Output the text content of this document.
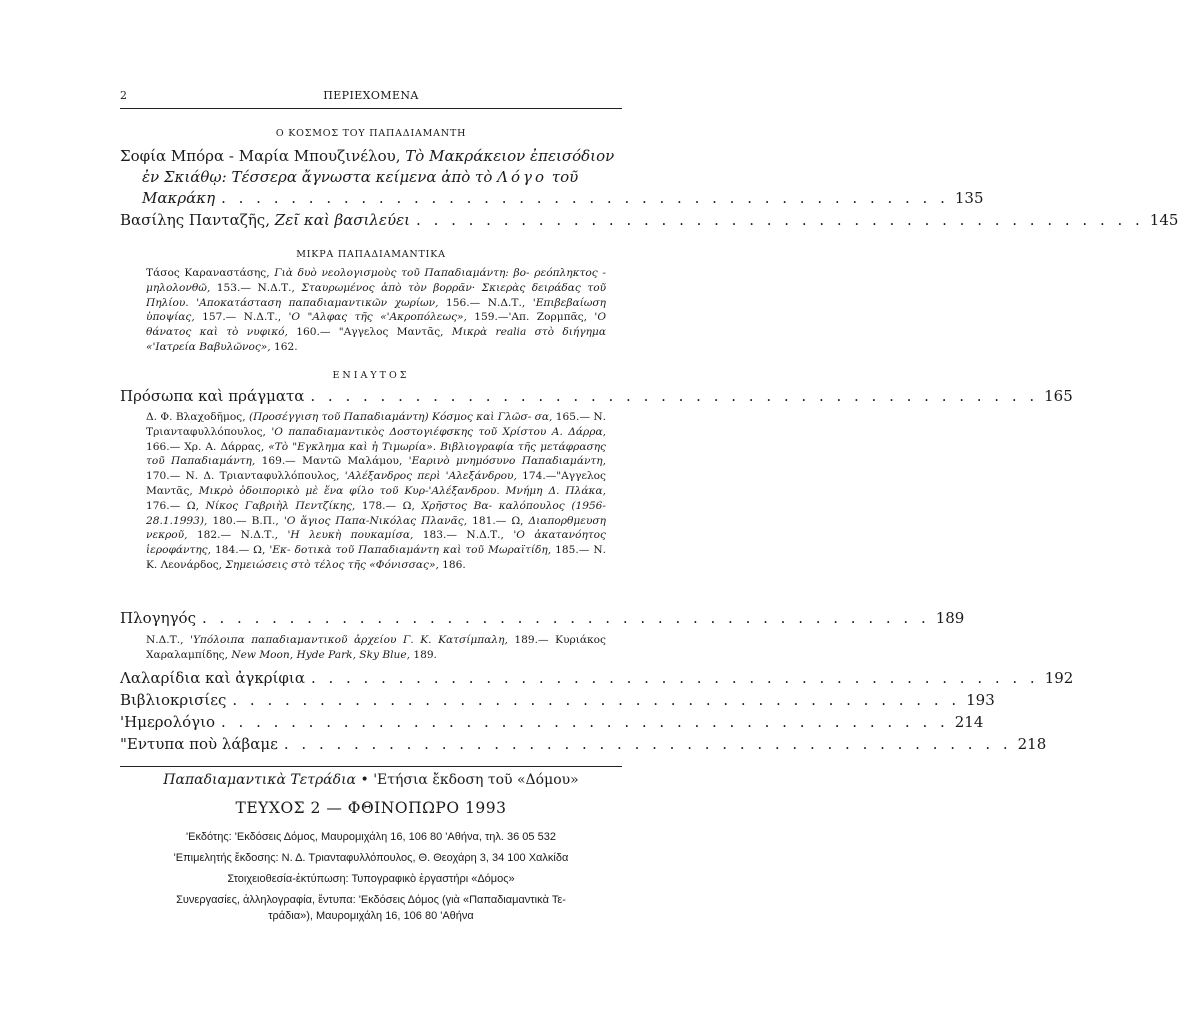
2	ΠΕΡΙΕΧΟΜΕΝΑ
Ο ΚΟΣΜΟΣ ΤΟΥ ΠΑΠΑΔΙΑΜΑΝΤΗ
Σοφία Μπόρα - Μαρία Μπουζινέλου, Τὸ Μακράκειον ἐπεισόδιον
ἐν Σκιάθῳ: Τέσσερα ἄγνωστα κείμενα ἀπὸ τὸ Λόγο τοῦ
Μακράκη . . . . . . . . . . . . . . . . . . . . . . . . . . . . . . . . . . . . . . . . . . 135
Βασίλης Πανταζῆς, Ζεῖ καὶ βασιλεύει . . . . . . . . . . . . . . . . . . . . . . . . . . . . . . . . . . . . . . . . . . 145
ΜΙΚΡΑ ΠΑΠΑΔΙΑΜΑΝΤΙΚΑ
Τάσος Καραναστάσης, Γιὰ δυὸ νεολογισμοὺς τοῦ Παπαδιαμάντη: βο- ρεόπληκτος - μηλολονθῶ, 153.— Ν.Δ.Τ., Σταυρωμένος ἀπὸ τὸν βορρᾶν· Σκιερὰς δειράδας τοῦ Πηλίου. 'Αποκατάσταση παπαδιαμαντικῶν χωρίων, 156.— Ν.Δ.Τ., 'Επιβεβαίωση ὑποψίας, 157.— Ν.Δ.Τ., 'Ο "Αλφας τῆς «'Ακροπόλεως», 159.—'Απ. Ζορμπᾶς, 'Ο θάνατος καὶ τὸ νυφικό, 160.— "Αγγελος Μαντᾶς, Μικρὰ realia στὸ διήγημα «'Ιατρεία Βαβυλῶνος», 162.
ΕΝΙΑΥΤΟΣ
Πρόσωπα καὶ πράγματα . . . . . . . . . . . . . . . . . . . . . . . . . . . . . . . . . . . . . . . . . . 165
Δ. Φ. Βλαχοδῆμος, (Προσέγγιση τοῦ Παπαδιαμάντη) Κόσμος καὶ Γλῶσ- σα, 165.— Ν. Τριανταφυλλόπουλος, 'Ο παπαδιαμαντικὸς Δοστογιέφσκης τοῦ Χρίστου Α. Δάρρα, 166.— Χρ. Α. Δάρρας, «Τὸ "Εγκλημα καὶ ἡ Τιμωρία». Βιβλιογραφία τῆς μετάφρασης τοῦ Παπαδιαμάντη, 169.— Μαντῶ Μαλάμου, 'Εαρινὸ μνημόσυνο Παπαδιαμάντη, 170.— Ν. Δ. Τριανταφυλλόπουλος, 'Αλέξανδρος περὶ 'Αλεξάνδρου, 174.—"Αγγελος Μαντᾶς, Μικρὸ ὁδοιπορικὸ μὲ ἕνα φίλο τοῦ Κυρ-'Αλέξανδρου. Μνήμη Δ. Πλάκα, 176.— Ω, Νίκος Γαβριὴλ Πεντζίκης, 178.— Ω, Χρῆστος Βα- καλόπουλος (1956-28.1.1993), 180.— Β.Π., 'Ο ἅγιος Παπα-Νικόλας Πλανᾶς, 181.— Ω, Διαπορθμευση νεκροῦ, 182.— Ν.Δ.Τ., 'Η λευκὴ πουκαμίσα, 183.— Ν.Δ.Τ., 'Ο ἀκατανόητος ἱεροφάντης, 184.— Ω, 'Εκ- δοτικὰ τοῦ Παπαδιαμάντη καὶ τοῦ Μωραϊτίδη, 185.— Ν. Κ. Λεονάρδος, Σημειώσεις στὸ τέλος τῆς «Φόνισσας», 186.
Πλογηγός . . . . . . . . . . . . . . . . . . . . . . . . . . . . . . . . . . . . . . . . . . 189
Ν.Δ.Τ., 'Υπόλοιπα παπαδιαμαντικοῦ ἀρχείου Γ. Κ. Κατσίμπαλη, 189.— Κυριάκος Χαραλαμπίδης, New Moon, Hyde Park, Sky Blue, 189.
Λαλαρίδια καὶ ἀγκρίφια . . . . . . . . . . . . . . . . . . . . . . . . . . . . . . . . . . . . . . . . . . 192
Βιβλιοκρισίες . . . . . . . . . . . . . . . . . . . . . . . . . . . . . . . . . . . . . . . . . . 193
'Ημερολόγιο . . . . . . . . . . . . . . . . . . . . . . . . . . . . . . . . . . . . . . . . . . 214
"Εντυπα ποὺ λάβαμε . . . . . . . . . . . . . . . . . . . . . . . . . . . . . . . . . . . . . . . . . . 218
Παπαδιαμαντικὰ Τετράδια • 'Ετήσια ἔκδοση τοῦ «Δόμου»
ΤΕΥΧΟΣ 2 — ΦΘΙΝΟΠΩΡΟ 1993
'Εκδότης: 'Εκδόσεις Δόμος, Μαυρομιχάλη 16, 106 80 'Αθήνα, τηλ. 36 05 532
'Επιμελητής ἔκδοσης: Ν. Δ. Τριανταφυλλόπουλος, Θ. Θεοχάρη 3, 34 100 Χαλκίδα
Στοιχειοθεσία-ἐκτύπωση: Τυπογραφικὸ ἐργαστήρι «Δόμος»
Συνεργασίες, ἀλληλογραφία, ἔντυπα: 'Εκδόσεις Δόμος (γιὰ «Παπαδιαμαντικὰ Τε-
τράδια»), Μαυρομιχάλη 16, 106 80 'Αθήνα
